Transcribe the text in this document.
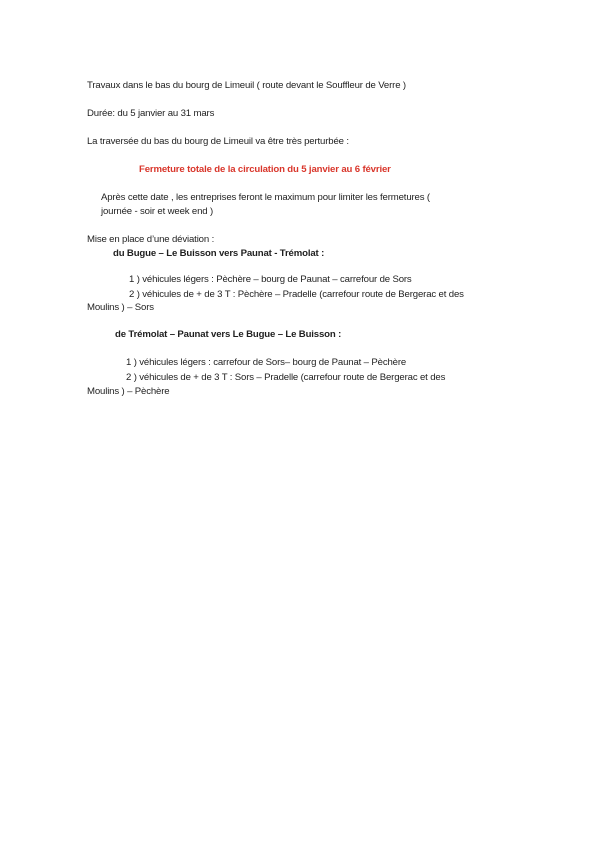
Travaux dans le bas du bourg de Limeuil ( route devant le Souffleur de Verre )
Durée: du 5 janvier au 31 mars
La traversée du bas du bourg de Limeuil va être très perturbée :
Fermeture totale de la circulation du 5 janvier au 6 février
Après cette date , les entreprises feront le maximum pour limiter les fermetures (
journée - soir et week end )
Mise en place d’une déviation :
du Bugue – Le Buisson vers Paunat - Trémolat :
1 ) véhicules légers : Pèchère – bourg de Paunat – carrefour de Sors
2 ) véhicules de + de 3 T : Pèchère – Pradelle (carrefour route de Bergerac et des
Moulins ) – Sors
de Trémolat – Paunat vers Le Bugue – Le Buisson :
1 ) véhicules légers : carrefour de Sors– bourg de Paunat – Pèchère
2 ) véhicules de + de 3 T : Sors – Pradelle (carrefour route de Bergerac et des
Moulins ) – Pèchère
